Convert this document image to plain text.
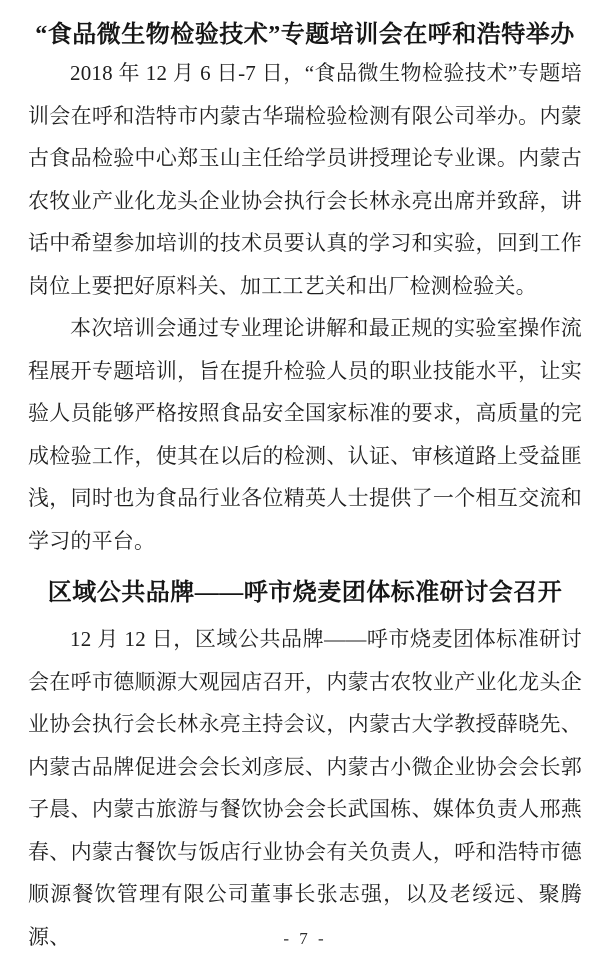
“食品微生物检验技术”专题培训会在呼和浩特举办

2018 年 12 月 6 日-7 日，“食品微生物检验技术”专题培训会在呼和浩特市内蒙古华瑞检验检测有限公司举办。内蒙古食品检验中心郑玉山主任给学员讲授理论专业课。内蒙古农牧业产业化龙头企业协会执行会长林永亮出席并致辞，讲话中希望参加培训的技术员要认真的学习和实验，回到工作岗位上要把好原料关、加工工艺关和出厂检测检验关。

本次培训会通过专业理论讲解和最正规的实验室操作流程展开专题培训，旨在提升检验人员的职业技能水平，让实验人员能够严格按照食品安全国家标准的要求，高质量的完成检验工作，使其在以后的检测、认证、审核道路上受益匪浅，同时也为食品行业各位精英人士提供了一个相互交流和学习的平台。

区域公共品牌——呼市烧麦团体标准研讨会召开

12 月 12 日，区域公共品牌——呼市烧麦团体标准研讨会在呼市德顺源大观园店召开，内蒙古农牧业产业化龙头企业协会执行会长林永亮主持会议，内蒙古大学教授薛晓先、内蒙古品牌促进会会长刘彦辰、内蒙古小微企业协会会长郭子晨、内蒙古旅游与餐饮协会会长武国栋、媒体负责人邢燕春、内蒙古餐饮与饭店行业协会有关负责人，呼和浩特市德顺源餐饮管理有限公司董事长张志强，以及老绥远、聚腾源、	- 7 -
